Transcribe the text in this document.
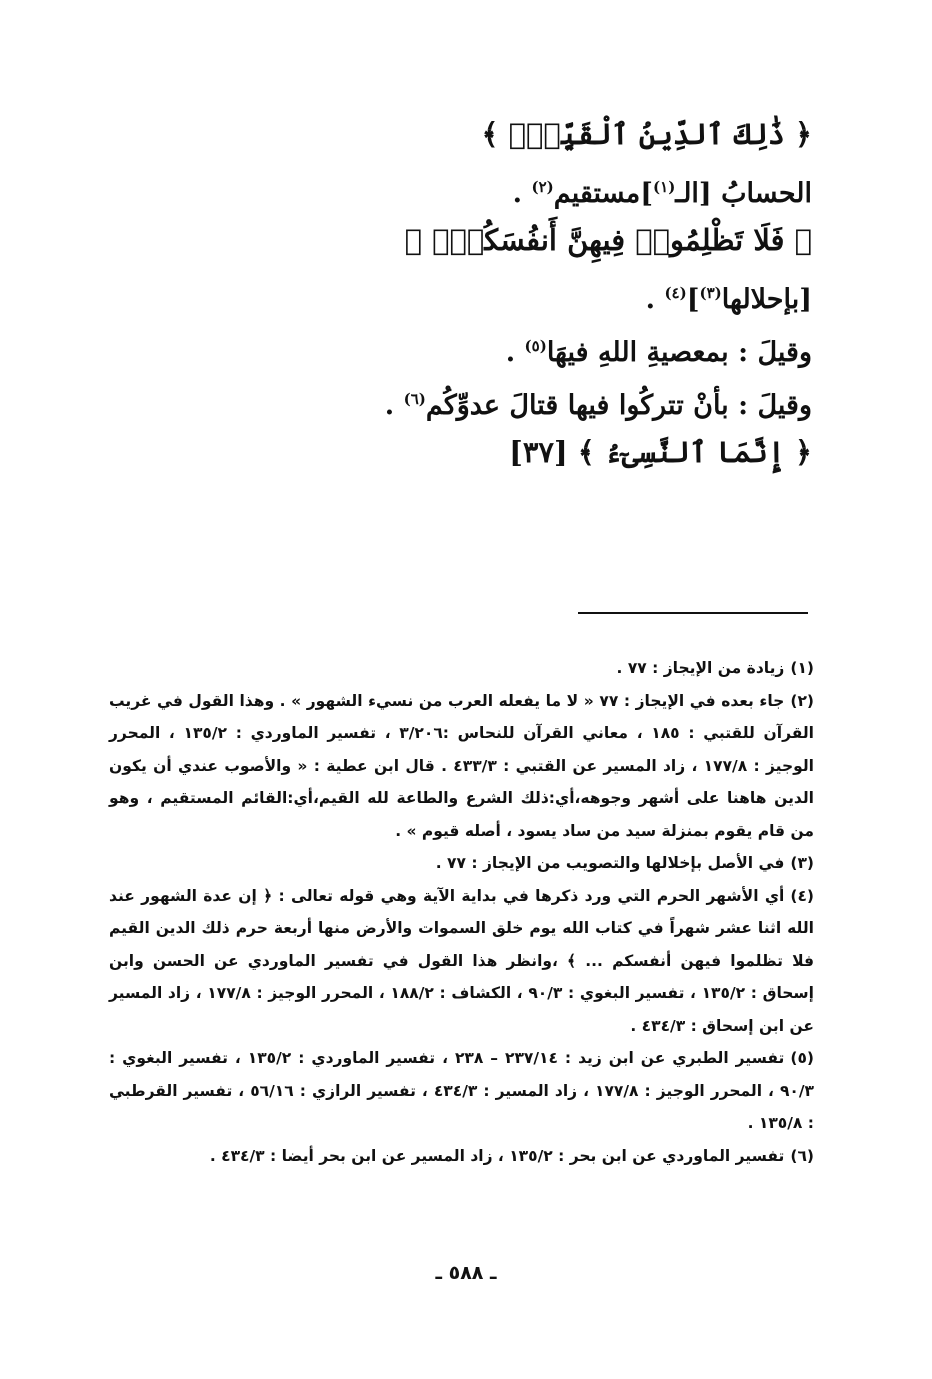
﴿ ذَٰلِكَ ٱلدِّينُ ٱلْقَيِّمُۚ ﴾
الحسابُ [الـ$^{(١)}$]مستقيم$^{(٢)}$ .
﴿ فَلَا تَظْلِمُوا۟ فِيهِنَّ أَنفُسَكُمْۚ ﴾
[بإحلالها$^{(٣)}$]$^{(٤)}$ .
وقيلَ : بمعصيةِ اللهِ فيهَا$^{(٥)}$ .
وقيلَ : بأنْ تتركُوا فيها قتالَ عدوِّكُم$^{(٦)}$ .
﴿ إِنَّمَا ٱلنَّسِىٓءُ ﴾ [٣٧]
(١)زيادة من الإيجاز : ٧٧ .
(٢)جاء بعده في الإيجاز : ٧٧ « لا ما يفعله العرب من نسيء الشهور » . وهذا القول في غريب القرآن للقتبي : ١٨٥ ، معاني القرآن للنحاس :٣/٢٠٦ ، تفسير الماوردي : ١٣٥/٢ ، المحرر الوجيز : ١٧٧/٨ ، زاد المسير عن القتبي : ٤٣٣/٣ . قال ابن عطية : « والأصوب عندي أن يكون الدين هاهنا على أشهر وجوهه،أي:ذلك الشرع والطاعة لله القيم،أي:القائم المستقيم ، وهو من قام يقوم بمنزلة سيد من ساد يسود ، أصله قيوم » .
(٣)في الأصل بإخلالها والتصويب من الإيجاز : ٧٧ .
(٤)أي الأشهر الحرم التي ورد ذكرها في بداية الآية وهي قوله تعالى : ﴿ إن عدة الشهور عند الله اثنا عشر شهراً في كتاب الله يوم خلق السموات والأرض منها أربعة حرم ذلك الدين القيم فلا تظلموا فيهن أنفسكم ... ﴾ ،وانظر هذا القول في تفسير الماوردي عن الحسن وابن إسحاق : ١٣٥/٢ ، تفسير البغوي : ٩٠/٣ ، الكشاف : ١٨٨/٢ ، المحرر الوجيز : ١٧٧/٨ ، زاد المسير عن ابن إسحاق : ٤٣٤/٣ .
(٥)تفسير الطبري عن ابن زيد : ٢٣٧/١٤ – ٢٣٨ ، تفسير الماوردي : ١٣٥/٢ ، تفسير البغوي : ٩٠/٣ ، المحرر الوجيز : ١٧٧/٨ ، زاد المسير : ٤٣٤/٣ ، تفسير الرازي : ٥٦/١٦ ، تفسير القرطبي : ١٣٥/٨ .
(٦)تفسير الماوردي عن ابن بحر : ١٣٥/٢ ، زاد المسير عن ابن بحر أيضا : ٤٣٤/٣ .
ـ ٥٨٨ ـ
